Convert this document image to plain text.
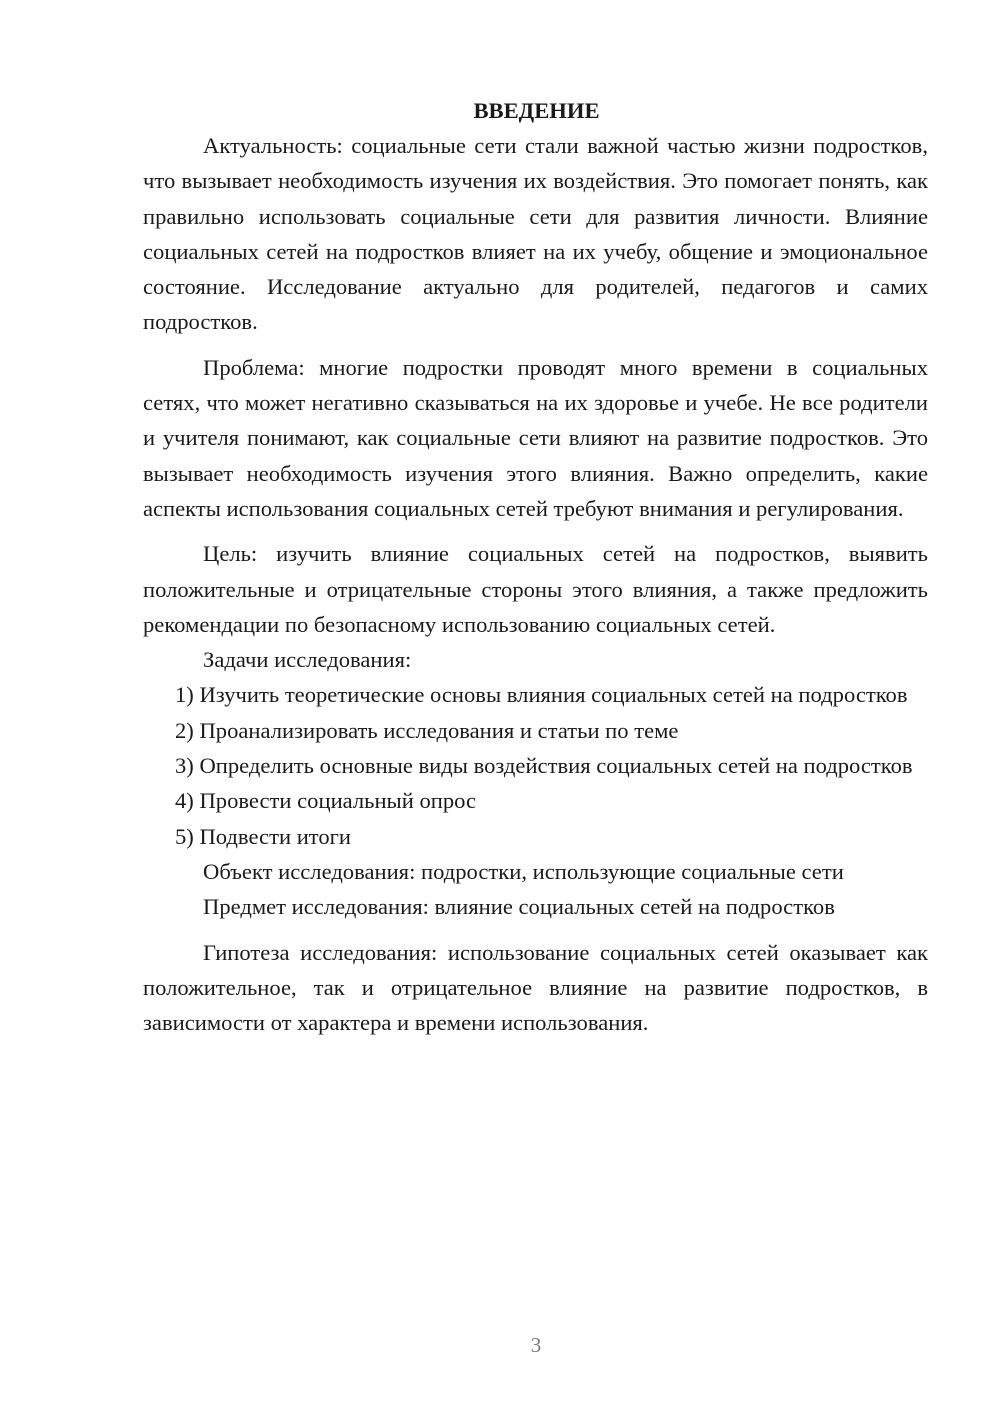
ВВЕДЕНИЕ

Актуальность: социальные сети стали важной частью жизни подростков, что вызывает необходимость изучения их воздействия. Это помогает понять, как правильно использовать социальные сети для развития личности. Влияние социальных сетей на подростков влияет на их учебу, общение и эмоциональное состояние. Исследование актуально для родителей, педагогов и самих подростков.

Проблема: многие подростки проводят много времени в социальных сетях, что может негативно сказываться на их здоровье и учебе. Не все родители и учителя понимают, как социальные сети влияют на развитие подростков. Это вызывает необходимость изучения этого влияния. Важно определить, какие аспекты использования социальных сетей требуют внимания и регулирования.

Цель: изучить влияние социальных сетей на подростков, выявить положительные и отрицательные стороны этого влияния, а также предложить рекомендации по безопасному использованию социальных сетей.

Задачи исследования:

1) Изучить теоретические основы влияния социальных сетей на подростков

2) Проанализировать исследования и статьи по теме

3) Определить основные виды воздействия социальных сетей на подростков

4) Провести социальный опрос

5) Подвести итоги

Объект исследования: подростки, использующие социальные сети

Предмет исследования: влияние социальных сетей на подростков

Гипотеза исследования: использование социальных сетей оказывает как положительное, так и отрицательное влияние на развитие подростков, в зависимости от характера и времени использования.

3
